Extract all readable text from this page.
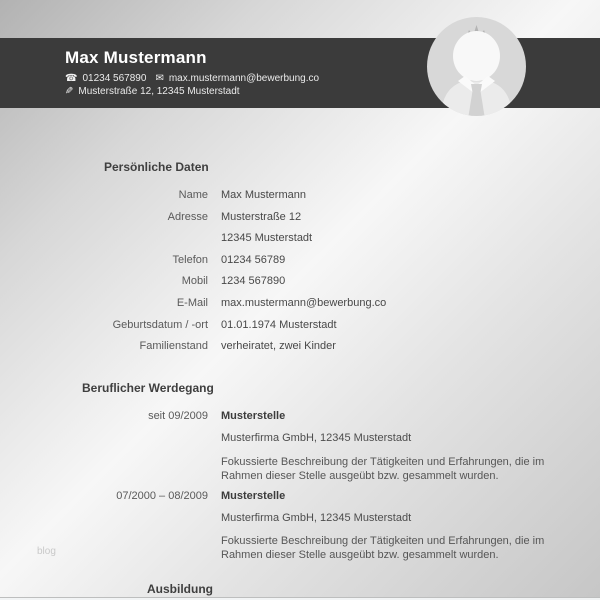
Max Mustermann
☎ 01234 567890 ✉ max.mustermann@bewerbung.co
✎ Musterstraße 12, 12345 Musterstadt
Persönliche Daten
Name Max Mustermann
Adresse Musterstraße 12
12345 Musterstadt
Telefon 01234 56789
Mobil 1234 567890
E-Mail max.mustermann@bewerbung.co
Geburtsdatum / -ort 01.01.1974 Musterstadt
Familienstand verheiratet, zwei Kinder
Beruflicher Werdegang
seit 09/2009 Musterstelle
Musterfirma GmbH, 12345 Musterstadt
Fokussierte Beschreibung der Tätigkeiten und Erfahrungen, die im Rahmen dieser Stelle ausgeübt bzw. gesammelt wurden.
07/2000 – 08/2009 Musterstelle
Musterfirma GmbH, 12345 Musterstadt
Fokussierte Beschreibung der Tätigkeiten und Erfahrungen, die im Rahmen dieser Stelle ausgeübt bzw. gesammelt wurden.
Ausbildung
blog
